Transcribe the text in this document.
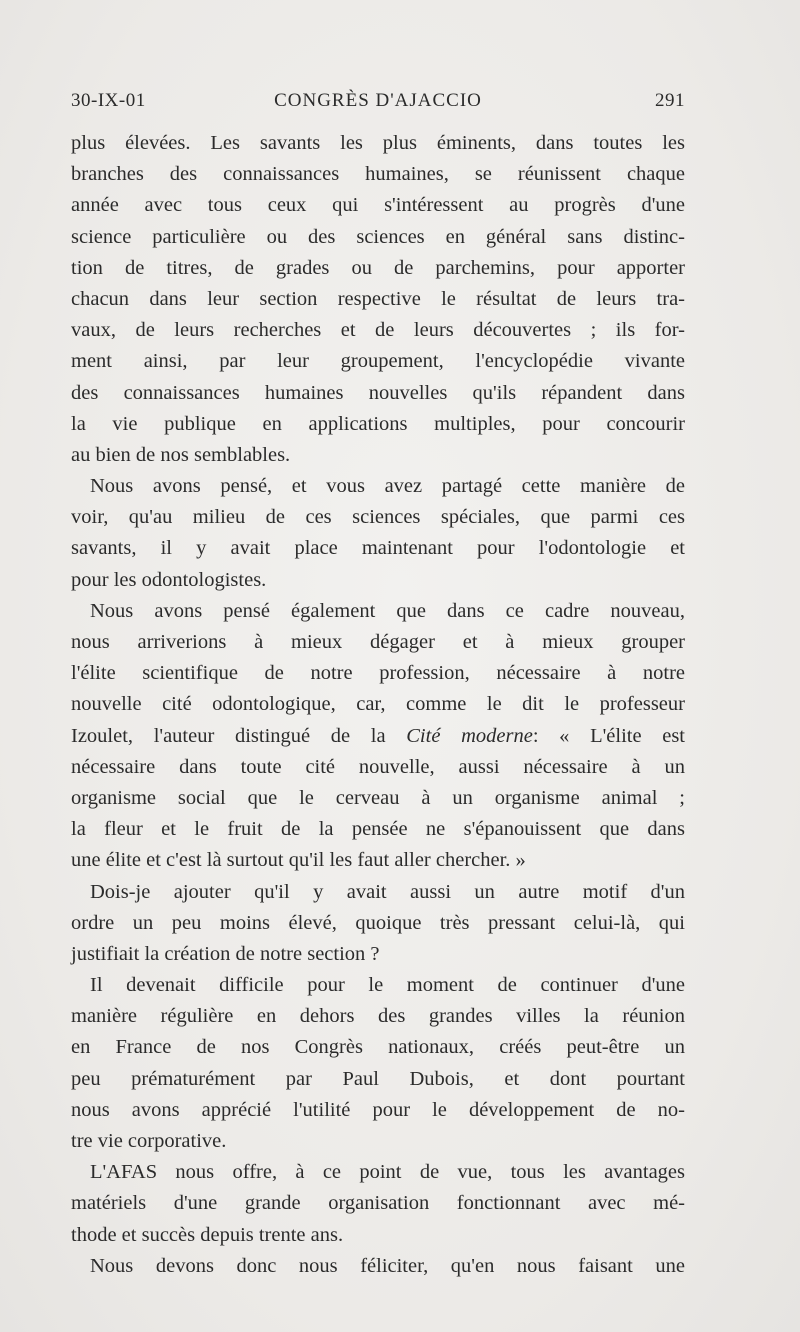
30-IX-01	CONGRÈS D'AJACCIO	291
plus élevées. Les savants les plus éminents, dans toutes les
branches des connaissances humaines, se réunissent chaque
année avec tous ceux qui s'intéressent au progrès d'une
science particulière ou des sciences en général sans distinc-
tion de titres, de grades ou de parchemins, pour apporter
chacun dans leur section respective le résultat de leurs tra-
vaux, de leurs recherches et de leurs découvertes ; ils for-
ment ainsi, par leur groupement, l'encyclopédie vivante
des connaissances humaines nouvelles qu'ils répandent dans
la vie publique en applications multiples, pour concourir
au bien de nos semblables.
Nous avons pensé, et vous avez partagé cette manière de
voir, qu'au milieu de ces sciences spéciales, que parmi ces
savants, il y avait place maintenant pour l'odontologie et
pour les odontologistes.
Nous avons pensé également que dans ce cadre nouveau,
nous arriverions à mieux dégager et à mieux grouper
l'élite scientifique de notre profession, nécessaire à notre
nouvelle cité odontologique, car, comme le dit le professeur
Izoulet, l'auteur distingué de la Cité moderne: « L'élite est
nécessaire dans toute cité nouvelle, aussi nécessaire à un
organisme social que le cerveau à un organisme animal ;
la fleur et le fruit de la pensée ne s'épanouissent que dans
une élite et c'est là surtout qu'il les faut aller chercher. »
Dois-je ajouter qu'il y avait aussi un autre motif d'un
ordre un peu moins élevé, quoique très pressant celui-là, qui
justifiait la création de notre section ?
Il devenait difficile pour le moment de continuer d'une
manière régulière en dehors des grandes villes la réunion
en France de nos Congrès nationaux, créés peut-être un
peu prématurément par Paul Dubois, et dont pourtant
nous avons apprécié l'utilité pour le développement de no-
tre vie corporative.
L'AFAS nous offre, à ce point de vue, tous les avantages
matériels d'une grande organisation fonctionnant avec mé-
thode et succès depuis trente ans.
Nous devons donc nous féliciter, qu'en nous faisant une
